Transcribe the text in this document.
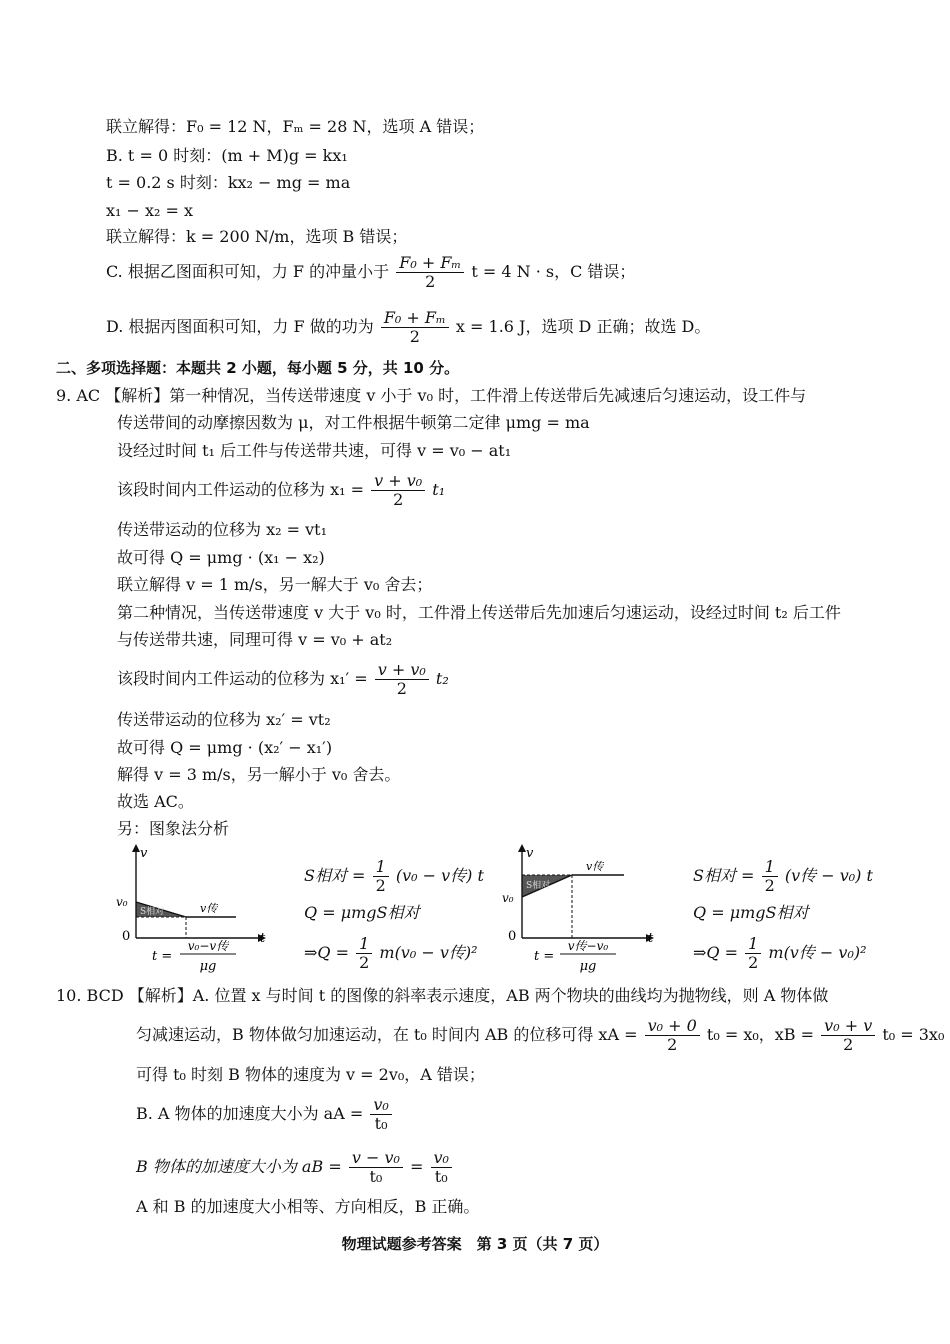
联立解得：F₀ = 12 N，Fₘ = 28 N，选项 A 错误；
B. t = 0 时刻：(m + M)g = kx₁
t = 0.2 s 时刻：kx₂ − mg = ma
x₁ − x₂ = x
联立解得：k = 200 N/m，选项 B 错误；
C. 根据乙图面积可知，力 F 的冲量小于 $\frac{\text{F₀ + Fₘ}}{2}$ t = 4 N · s，C 错误；
D. 根据丙图面积可知，力 F 做的功为 $\frac{\text{F₀ + Fₘ}}{2}$ x = 1.6 J，选项 D 正确；故选 D。
二、多项选择题：本题共 2 小题，每小题 5 分，共 10 分。
9. AC 【解析】第一种情况，当传送带速度 v 小于 v₀ 时，工件滑上传送带后先减速后匀速运动，设工件与
传送带间的动摩擦因数为 μ，对工件根据牛顿第二定律 μmg = ma
设经过时间 t₁ 后工件与传送带共速，可得 v = v₀ − at₁
该段时间内工件运动的位移为 $x_1 = \frac{\text{v + v₀}}{2} t_1$
传送带运动的位移为 x₂ = vt₁
故可得 Q = μmg · (x₁ − x₂)
联立解得 v = 1 m/s，另一解大于 v₀ 舍去；
第二种情况，当传送带速度 v 大于 v₀ 时，工件滑上传送带后先加速后匀速运动，设经过时间 t₂ 后工件
与传送带共速，同理可得 v = v₀ + at₂
该段时间内工件运动的位移为 $x_1' = \frac{\text{v + v₀}}{2} t_2$
传送带运动的位移为 x₂′ = vt₂
故可得 Q = μmg · (x₂′ − x₁′)
解得 v = 3 m/s，另一解小于 v₀ 舍去。
故选 AC。
另：图象法分析
v
t
0
v₀	v传
S相对
t =
v₀−v传
μg
S相对 = $\frac{1}{2} (v_0 - v$传) t
Q = μmgS相对
⇒Q = $\frac{1}{2} m(v_0 - v$传)²
v
t
0
v₀
v传
S相对
t =
v传−v₀
μg
S相对 = $\frac{1}{2} (v$传 − v₀) t
Q = μmgS相对
⇒Q = $\frac{1}{2} m(v$传 − v₀)²
10. BCD 【解析】A. 位置 x 与时间 t 的图像的斜率表示速度，AB 两个物块的曲线均为抛物线，则 A 物体做
匀减速运动，B 物体做匀加速运动，在 t₀ 时间内 AB 的位移可得 xA = $\frac{\text{v₀ + 0}}{2} t_0 = x_0$，xB = $\frac{\text{v₀ + v}}{2} t_0 = 3x_0$
可得 t₀ 时刻 B 物体的速度为 v = 2v₀，A 错误；
B. A 物体的加速度大小为 aA = $\frac{\text{v₀}}{\text{t₀}}$
B 物体的加速度大小为 aB = $\frac{\text{v − v₀}}{\text{t₀}} = \frac{\text{v₀}}{\text{t₀}}$
A 和 B 的加速度大小相等、方向相反，B 正确。
物理试题参考答案　第 3 页（共 7 页）
